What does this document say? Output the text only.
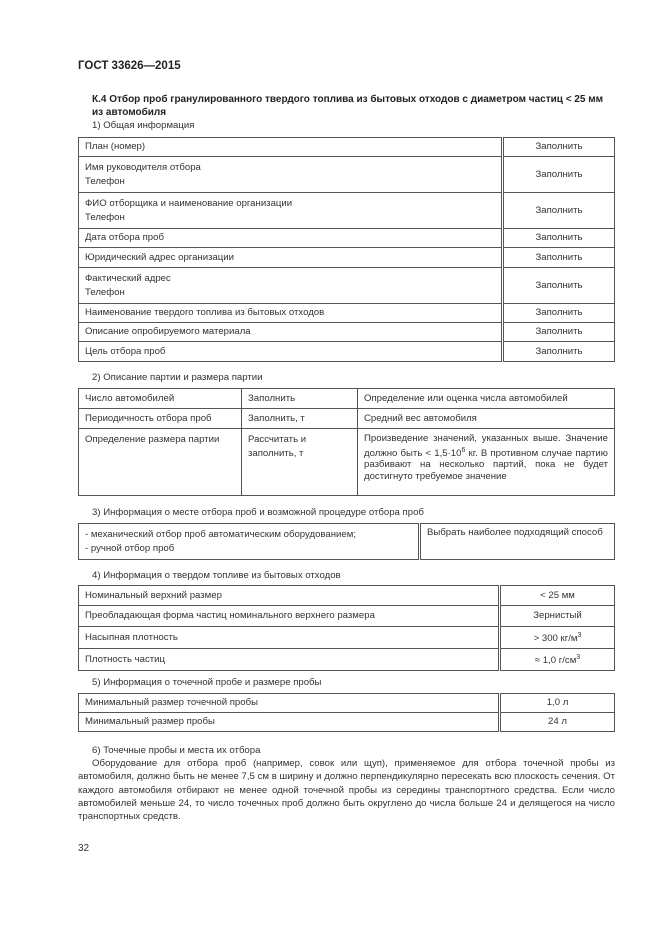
ГОСТ 33626—2015
К.4 Отбор проб гранулированного твердого топлива из бытовых отходов с диаметром частиц < 25 мм из автомобиля
1) Общая информация
План (номер)	Заполнить

Имя руководителя отбора
Телефон	Заполнить

ФИО отборщика и наименование организации
Телефон	Заполнить

Дата отбора проб	Заполнить

Юридический адрес организации	Заполнить

Фактический адрес
Телефон	Заполнить

Наименование твердого топлива из бытовых отходов	Заполнить

Описание опробируемого материала	Заполнить

Цель отбора проб	Заполнить
2) Описание партии и размера партии
Число автомобилей	Заполнить	Определение или оценка числа автомобилей
Периодичность отбора проб	Заполнить, т	Средний вес автомобиля
Определение размера партии	Рассчитать и заполнить, т	Произведение значений, указанных выше. Значение должно быть < $1,5\cdot 10^6$ кг. В противном случае партию разбивают на несколько партий, пока не будет достигнуто требуемое значение
3) Информация о месте отбора проб и возможной процедуре отбора проб
- механический отбор проб автоматическим оборудованием;
- ручной отбор проб
	Выбрать наиболее подходящий способ
4) Информация о твердом топливе из бытовых отходов
Номинальный верхний размер	< 25 мм
Преобладающая форма частиц номинального верхнего размера	Зернистый
Насыпная плотность	> 300 $кг/м^3$
Плотность частиц	≈ 1,0 $г/см^3$
5) Информация о точечной пробе и размере пробы
Минимальный размер точечной пробы	1,0 л
Минимальный размер пробы	24 л
6) Точечные пробы и места их отбора
Оборудование для отбора проб (например, совок или щуп), применяемое для отбора точечной пробы из автомобиля, должно быть не менее 7,5 см в ширину и должно перпендикулярно пересекать всю плоскость сечения. От каждого автомобиля отбирают не менее одной точечной пробы из середины транспортного средства. Если число автомобилей меньше 24, то число точечных проб должно быть округлено до числа больше 24 и делящегося на число транспортных средств.
32
